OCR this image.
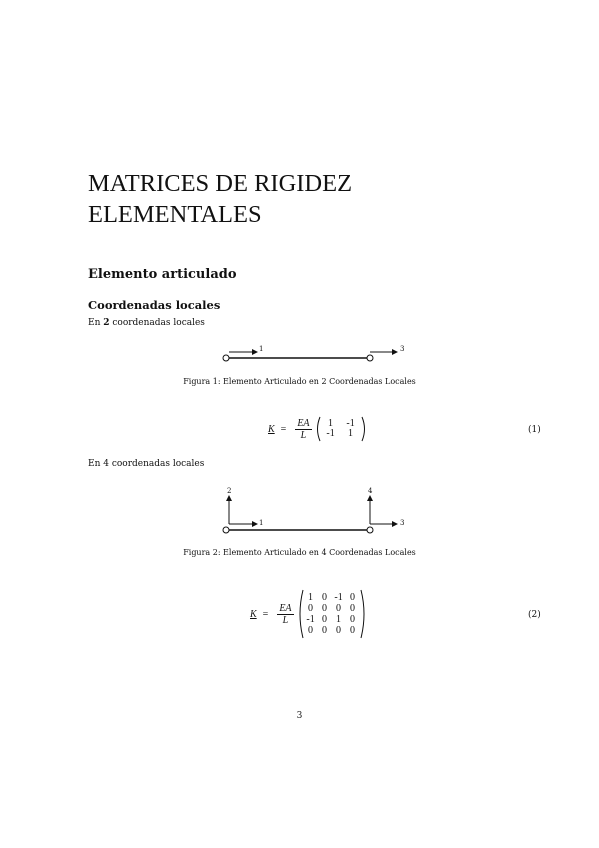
MATRICES DE RIGIDEZ ELEMENTALES
Elemento articulado
Coordenadas locales
En 2 coordenadas locales
1	3
Figura 1: Elemento Articulado en 2 Coordenadas Locales
$K = \frac{EA}{L}$	1	-1
-1	1	(1)
En 4 coordenadas locales
1
2
3
4
Figura 2: Elemento Articulado en 4 Coordenadas Locales
$K = \frac{EA}{L}$
1 0 -1 0
0 0 0 0
-1 0 1 0
0 0 0 0
(2)
3
